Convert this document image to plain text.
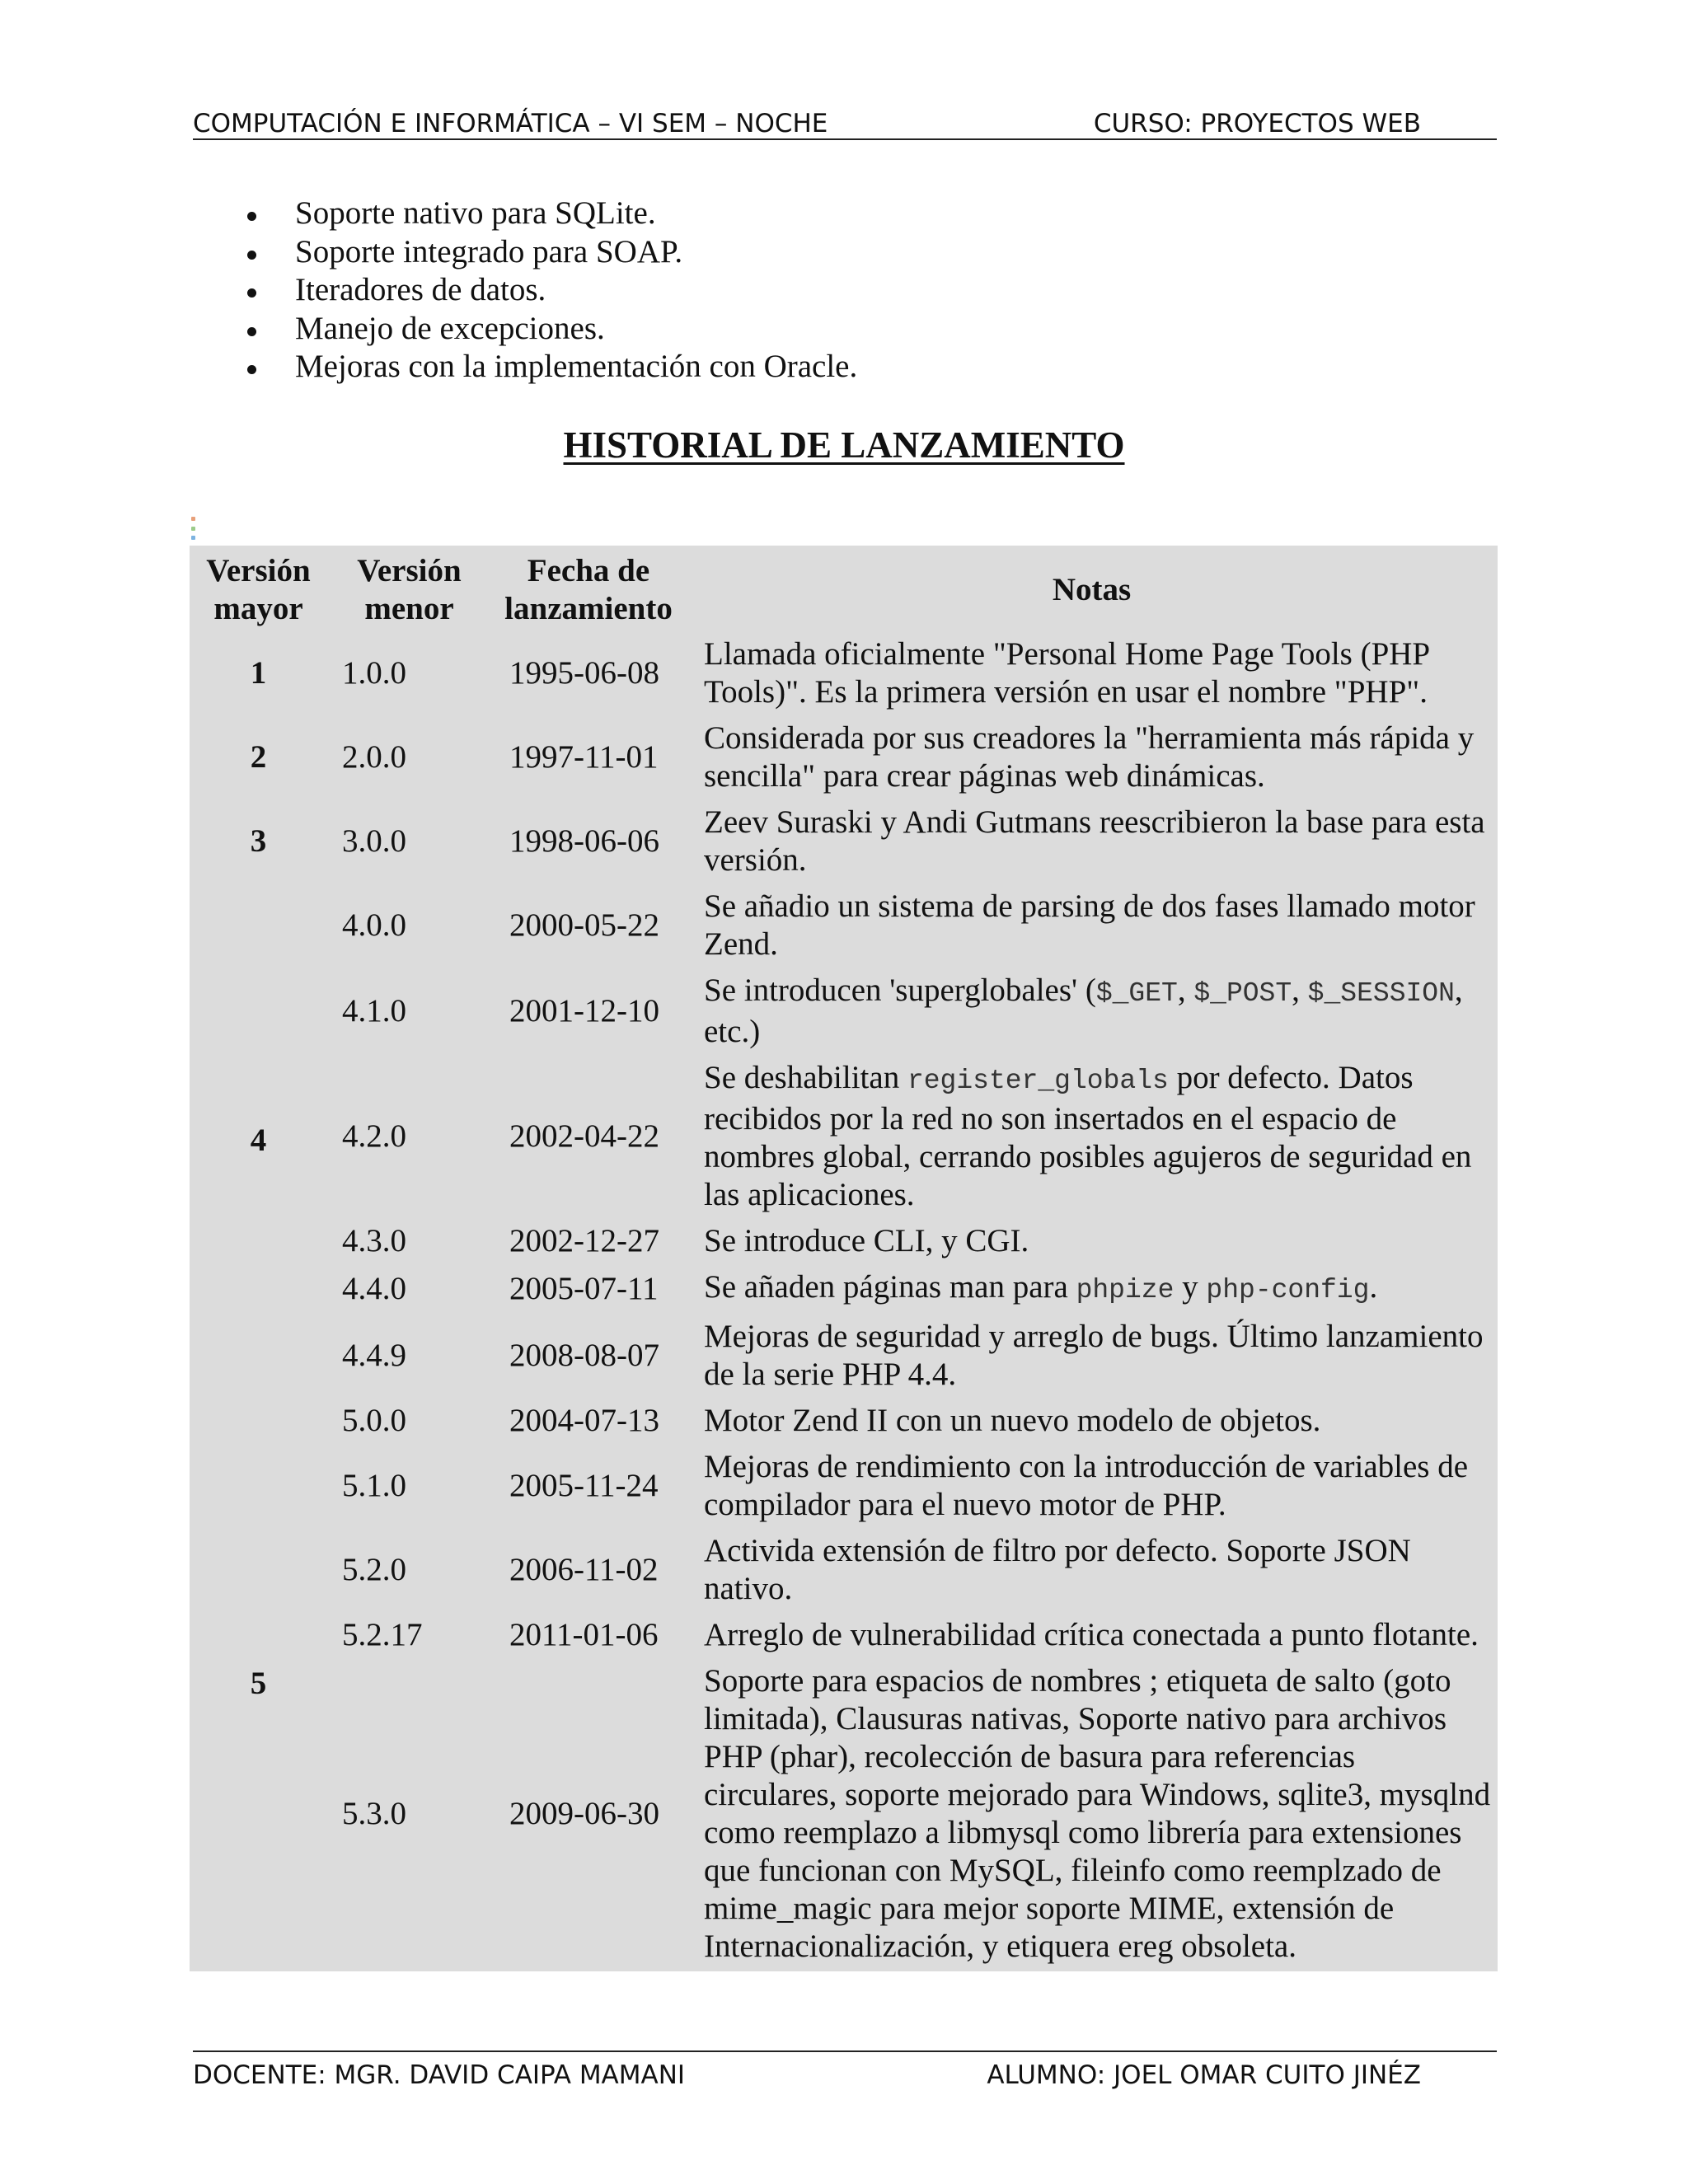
COMPUTACIÓN E INFORMÁTICA – VI SEM – NOCHE	CURSO: PROYECTOS WEB
Soporte nativo para SQLite.
Soporte integrado para SOAP.
Iteradores de datos.
Manejo de excepciones.
Mejoras con la implementación con Oracle.
HISTORIAL DE LANZAMIENTO
Versión mayor	Versión menor	Fecha de lanzamiento	Notas
1	1.0.0	1995-06-08	Llamada oficialmente "Personal Home Page Tools (PHP Tools)". Es la primera versión en usar el nombre "PHP".
2	2.0.0	1997-11-01	Considerada por sus creadores la "herramienta más rápida y sencilla" para crear páginas web dinámicas.
3	3.0.0	1998-06-06	Zeev Suraski y Andi Gutmans reescribieron la base para esta versión.
4	4.0.0	2000-05-22	Se añadio un sistema de parsing de dos fases llamado motor Zend.
	4.1.0	2001-12-10	Se introducen 'superglobales' ($_GET, $_POST, $_SESSION, etc.)
	4.2.0	2002-04-22	Se deshabilitan register_globals por defecto. Datos recibidos por la red no son insertados en el espacio de nombres global, cerrando posibles agujeros de seguridad en las aplicaciones.
	4.3.0	2002-12-27	Se introduce CLI, y CGI.
	4.4.0	2005-07-11	Se añaden páginas man para phpize y php-config.
	4.4.9	2008-08-07	Mejoras de seguridad y arreglo de bugs. Último lanzamiento de la serie PHP 4.4.
5	5.0.0	2004-07-13	Motor Zend II con un nuevo modelo de objetos.
	5.1.0	2005-11-24	Mejoras de rendimiento con la introducción de variables de compilador para el nuevo motor de PHP.
	5.2.0	2006-11-02	Activida extensión de filtro por defecto. Soporte JSON nativo.
	5.2.17	2011-01-06	Arreglo de vulnerabilidad crítica conectada a punto flotante.
	5.3.0	2009-06-30	Soporte para espacios de nombres ; etiqueta de salto (goto limitada), Clausuras nativas, Soporte nativo para archivos PHP (phar), recolección de basura para referencias circulares, soporte mejorado para Windows, sqlite3, mysqlnd como reemplazo a libmysql como librería para extensiones que funcionan con MySQL, fileinfo como reemplzado de mime_magic para mejor soporte MIME, extensión de Internacionalización, y etiquera ereg obsoleta.
DOCENTE: MGR. DAVID CAIPA MAMANI	ALUMNO: JOEL OMAR CUITO JINÉZ
